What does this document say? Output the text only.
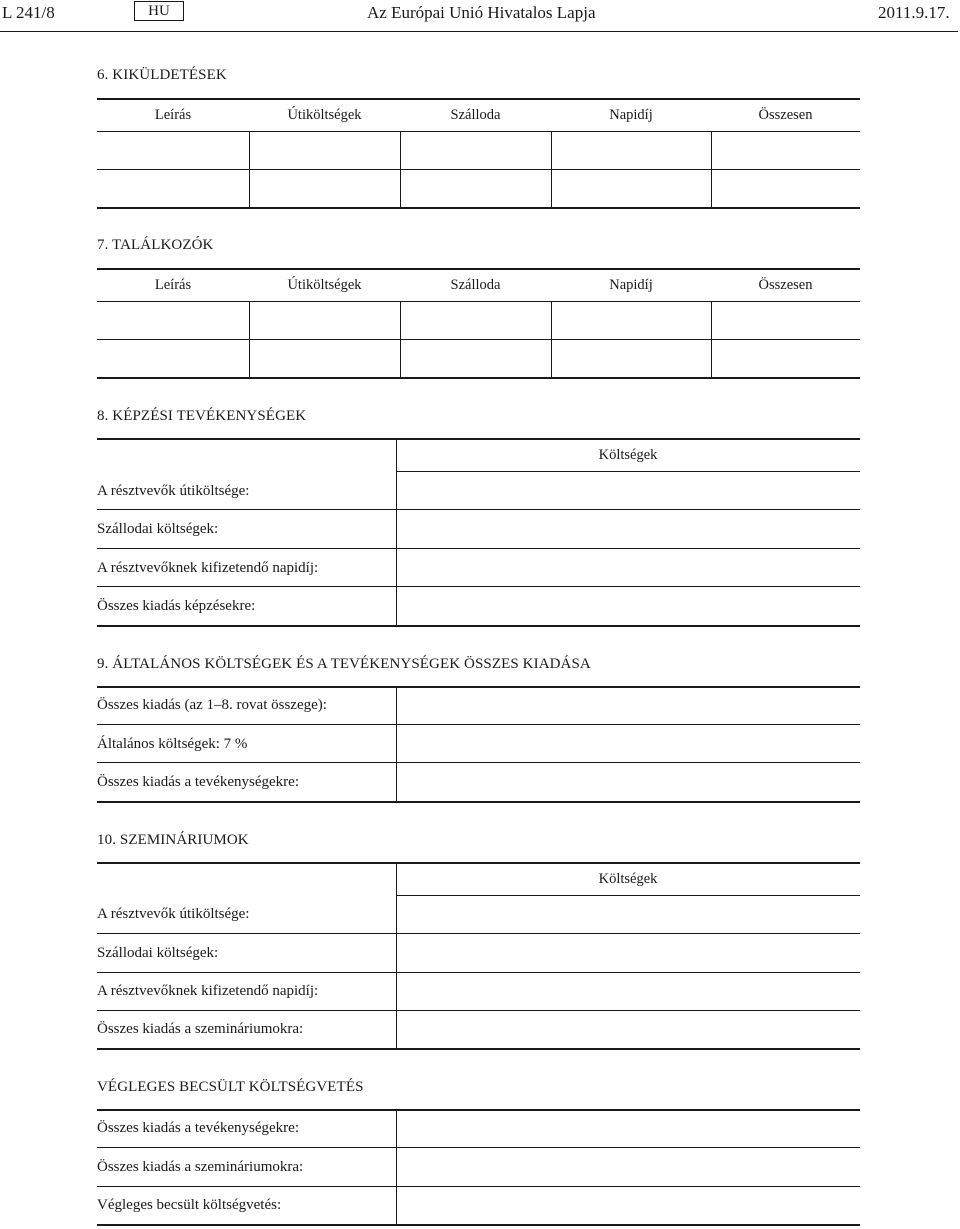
L 241/8	HU	Az Európai Unió Hivatalos Lapja	2011.9.17.
6. KIKÜLDETÉSEK
Leírás	Útiköltségek	Szálloda	Napidíj	Összesen
7. TALÁLKOZÓK
Leírás	Útiköltségek	Szálloda	Napidíj	Összesen
8. KÉPZÉSI TEVÉKENYSÉGEK
Költségek
A résztvevők útiköltsége:
Szállodai költségek:
A résztvevőknek kifizetendő napidíj:
Összes kiadás képzésekre:
9. ÁLTALÁNOS KÖLTSÉGEK ÉS A TEVÉKENYSÉGEK ÖSSZES KIADÁSA
Összes kiadás (az 1–8. rovat összege):
Általános költségek: 7 %
Összes kiadás a tevékenységekre:
10. SZEMINÁRIUMOK
Költségek
A résztvevők útiköltsége:
Szállodai költségek:
A résztvevőknek kifizetendő napidíj:
Összes kiadás a szemináriumokra:
VÉGLEGES BECSÜLT KÖLTSÉGVETÉS
Összes kiadás a tevékenységekre:
Összes kiadás a szemináriumokra:
Végleges becsült költségvetés:
